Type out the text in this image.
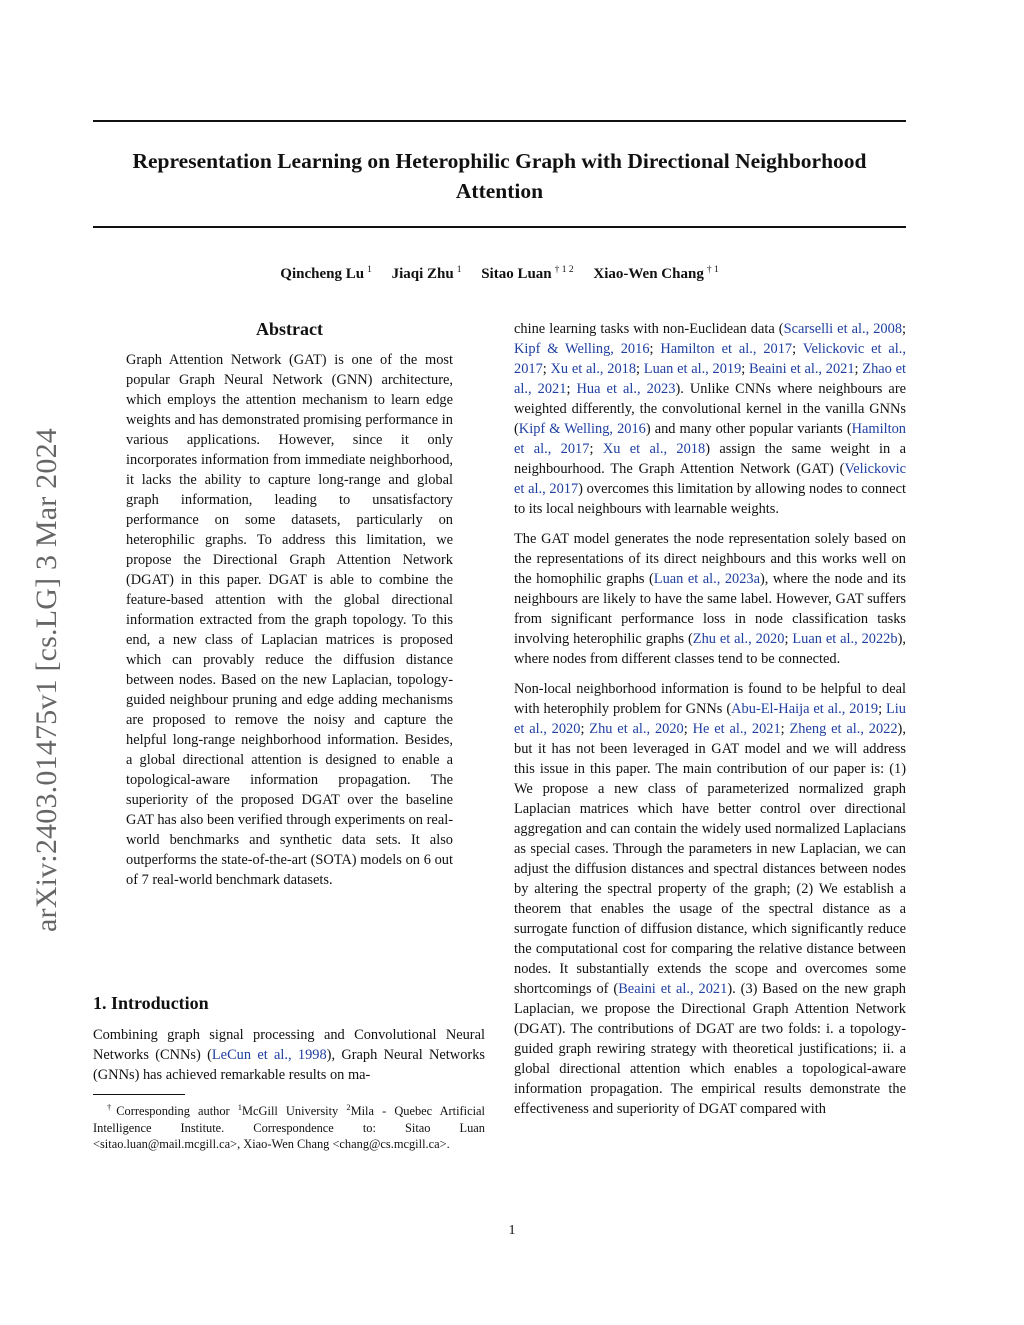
arXiv:2403.01475v1 [cs.LG] 3 Mar 2024
Representation Learning on Heterophilic Graph with Directional Neighborhood Attention
Qincheng Lu $^1$ Jiaqi Zhu $^1$ Sitao Luan $^{\dagger 1 2}$ Xiao-Wen Chang $^{\dagger 1}$
Abstract

Graph Attention Network (GAT) is one of the most popular Graph Neural Network (GNN) architecture, which employs the attention mechanism to learn edge weights and has demonstrated promising performance in various applications. However, since it only incorporates information from immediate neighborhood, it lacks the ability to capture long-range and global graph information, leading to unsatisfactory performance on some datasets, particularly on heterophilic graphs. To address this limitation, we propose the Directional Graph Attention Network (DGAT) in this paper. DGAT is able to combine the feature-based attention with the global directional information extracted from the graph topology. To this end, a new class of Laplacian matrices is proposed which can provably reduce the diffusion distance between nodes. Based on the new Laplacian, topology-guided neighbour pruning and edge adding mechanisms are proposed to remove the noisy and capture the helpful long-range neighborhood information. Besides, a global directional attention is designed to enable a topological-aware information propagation. The superiority of the proposed DGAT over the baseline GAT has also been verified through experiments on real-world benchmarks and synthetic data sets. It also outperforms the state-of-the-art (SOTA) models on 6 out of 7 real-world benchmark datasets.

1. Introduction

Combining graph signal processing and Convolutional Neural Networks (CNNs) (LeCun et al., 1998), Graph Neural Networks (GNNs) has achieved remarkable results on ma-

†Corresponding author $^1$McGill University $^2$Mila - Quebec Artificial Intelligence Institute. Correspondence to: Sitao Luan <sitao.luan@mail.mcgill.ca>, Xiao-Wen Chang <chang@cs.mcgill.ca>.

chine learning tasks with non-Euclidean data (Scarselli et al., 2008; Kipf & Welling, 2016; Hamilton et al., 2017; Velickovic et al., 2017; Xu et al., 2018; Luan et al., 2019; Beaini et al., 2021; Zhao et al., 2021; Hua et al., 2023). Unlike CNNs where neighbours are weighted differently, the convolutional kernel in the vanilla GNNs (Kipf & Welling, 2016) and many other popular variants (Hamilton et al., 2017; Xu et al., 2018) assign the same weight in a neighbourhood. The Graph Attention Network (GAT) (Velickovic et al., 2017) overcomes this limitation by allowing nodes to connect to its local neighbours with learnable weights.

The GAT model generates the node representation solely based on the representations of its direct neighbours and this works well on the homophilic graphs (Luan et al., 2023a), where the node and its neighbours are likely to have the same label. However, GAT suffers from significant performance loss in node classification tasks involving heterophilic graphs (Zhu et al., 2020; Luan et al., 2022b), where nodes from different classes tend to be connected.

Non-local neighborhood information is found to be helpful to deal with heterophily problem for GNNs (Abu-El-Haija et al., 2019; Liu et al., 2020; Zhu et al., 2020; He et al., 2021; Zheng et al., 2022), but it has not been leveraged in GAT model and we will address this issue in this paper. The main contribution of our paper is: (1) We propose a new class of parameterized normalized graph Laplacian matrices which have better control over directional aggregation and can contain the widely used normalized Laplacians as special cases. Through the parameters in new Laplacian, we can adjust the diffusion distances and spectral distances between nodes by altering the spectral property of the graph; (2) We establish a theorem that enables the usage of the spectral distance as a surrogate function of diffusion distance, which significantly reduce the computational cost for comparing the relative distance between nodes. It substantially extends the scope and overcomes some shortcomings of (Beaini et al., 2021). (3) Based on the new graph Laplacian, we propose the Directional Graph Attention Network (DGAT). The contributions of DGAT are two folds: i. a topology-guided graph rewiring strategy with theoretical justifications; ii. a global directional attention which enables a topological-aware information propagation. The empirical results demonstrate the effectiveness and superiority of DGAT compared with

1
